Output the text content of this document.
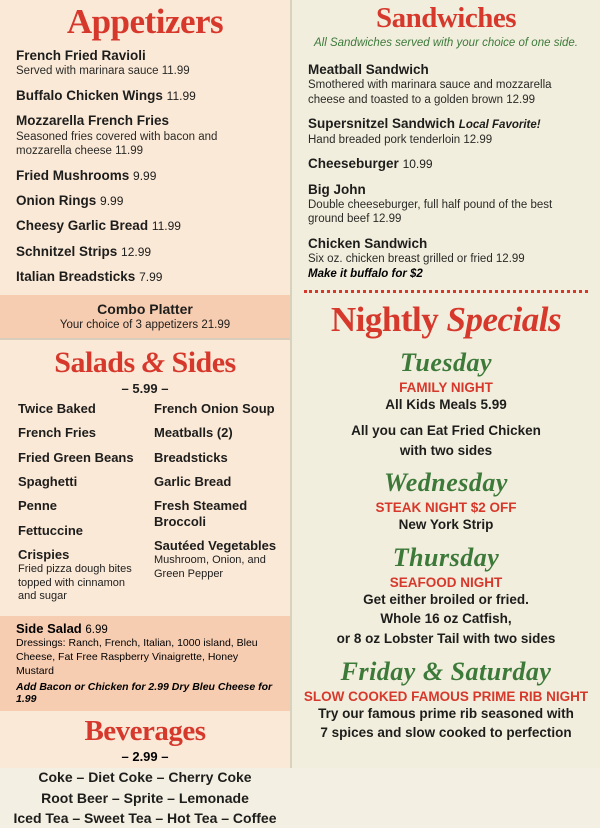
Appetizers
French Fried Ravioli
Served with marinara sauce 11.99
Buffalo Chicken Wings 11.99
Mozzarella French Fries
Seasoned fries covered with bacon and mozzarella cheese 11.99
Fried Mushrooms 9.99
Onion Rings 9.99
Cheesy Garlic Bread 11.99
Schnitzel Strips 12.99
Italian Breadsticks 7.99
Combo Platter
Your choice of 3 appetizers 21.99
Salads & Sides
– 5.99 –
Twice Baked
French Fries
Fried Green Beans
Spaghetti
Penne
Fettuccine
Crispies
Fried pizza dough bites topped with cinnamon and sugar
French Onion Soup
Meatballs (2)
Breadsticks
Garlic Bread
Fresh Steamed Broccoli
Sautéed Vegetables
Mushroom, Onion, and Green Pepper
Side Salad 6.99
Dressings: Ranch, French, Italian, 1000 island, Bleu Cheese, Fat Free Raspberry Vinaigrette, Honey Mustard
Add Bacon or Chicken for 2.99 Dry Bleu Cheese for 1.99
Beverages
– 2.99 –
Coke – Diet Coke – Cherry Coke
Root Beer – Sprite – Lemonade
Iced Tea – Sweet Tea – Hot Tea – Coffee
Sandwiches
All Sandwiches served with your choice of one side.
Meatball Sandwich
Smothered with marinara sauce and mozzarella cheese and toasted to a golden brown 12.99
Supersnitzel Sandwich Local Favorite!
Hand breaded pork tenderloin 12.99
Cheeseburger 10.99
Big John
Double cheeseburger, full half pound of the best ground beef 12.99
Chicken Sandwich
Six oz. chicken breast grilled or fried 12.99
Make it buffalo for $2
Nightly Specials
Tuesday
FAMILY NIGHT
All Kids Meals 5.99
All you can Eat Fried Chicken
with two sides
Wednesday
STEAK NIGHT $2 OFF
New York Strip
Thursday
SEAFOOD NIGHT
Get either broiled or fried.
Whole 16 oz Catfish,
or 8 oz Lobster Tail with two sides
Friday & Saturday
SLOW COOKED FAMOUS PRIME RIB NIGHT
Try our famous prime rib seasoned with
7 spices and slow cooked to perfection
